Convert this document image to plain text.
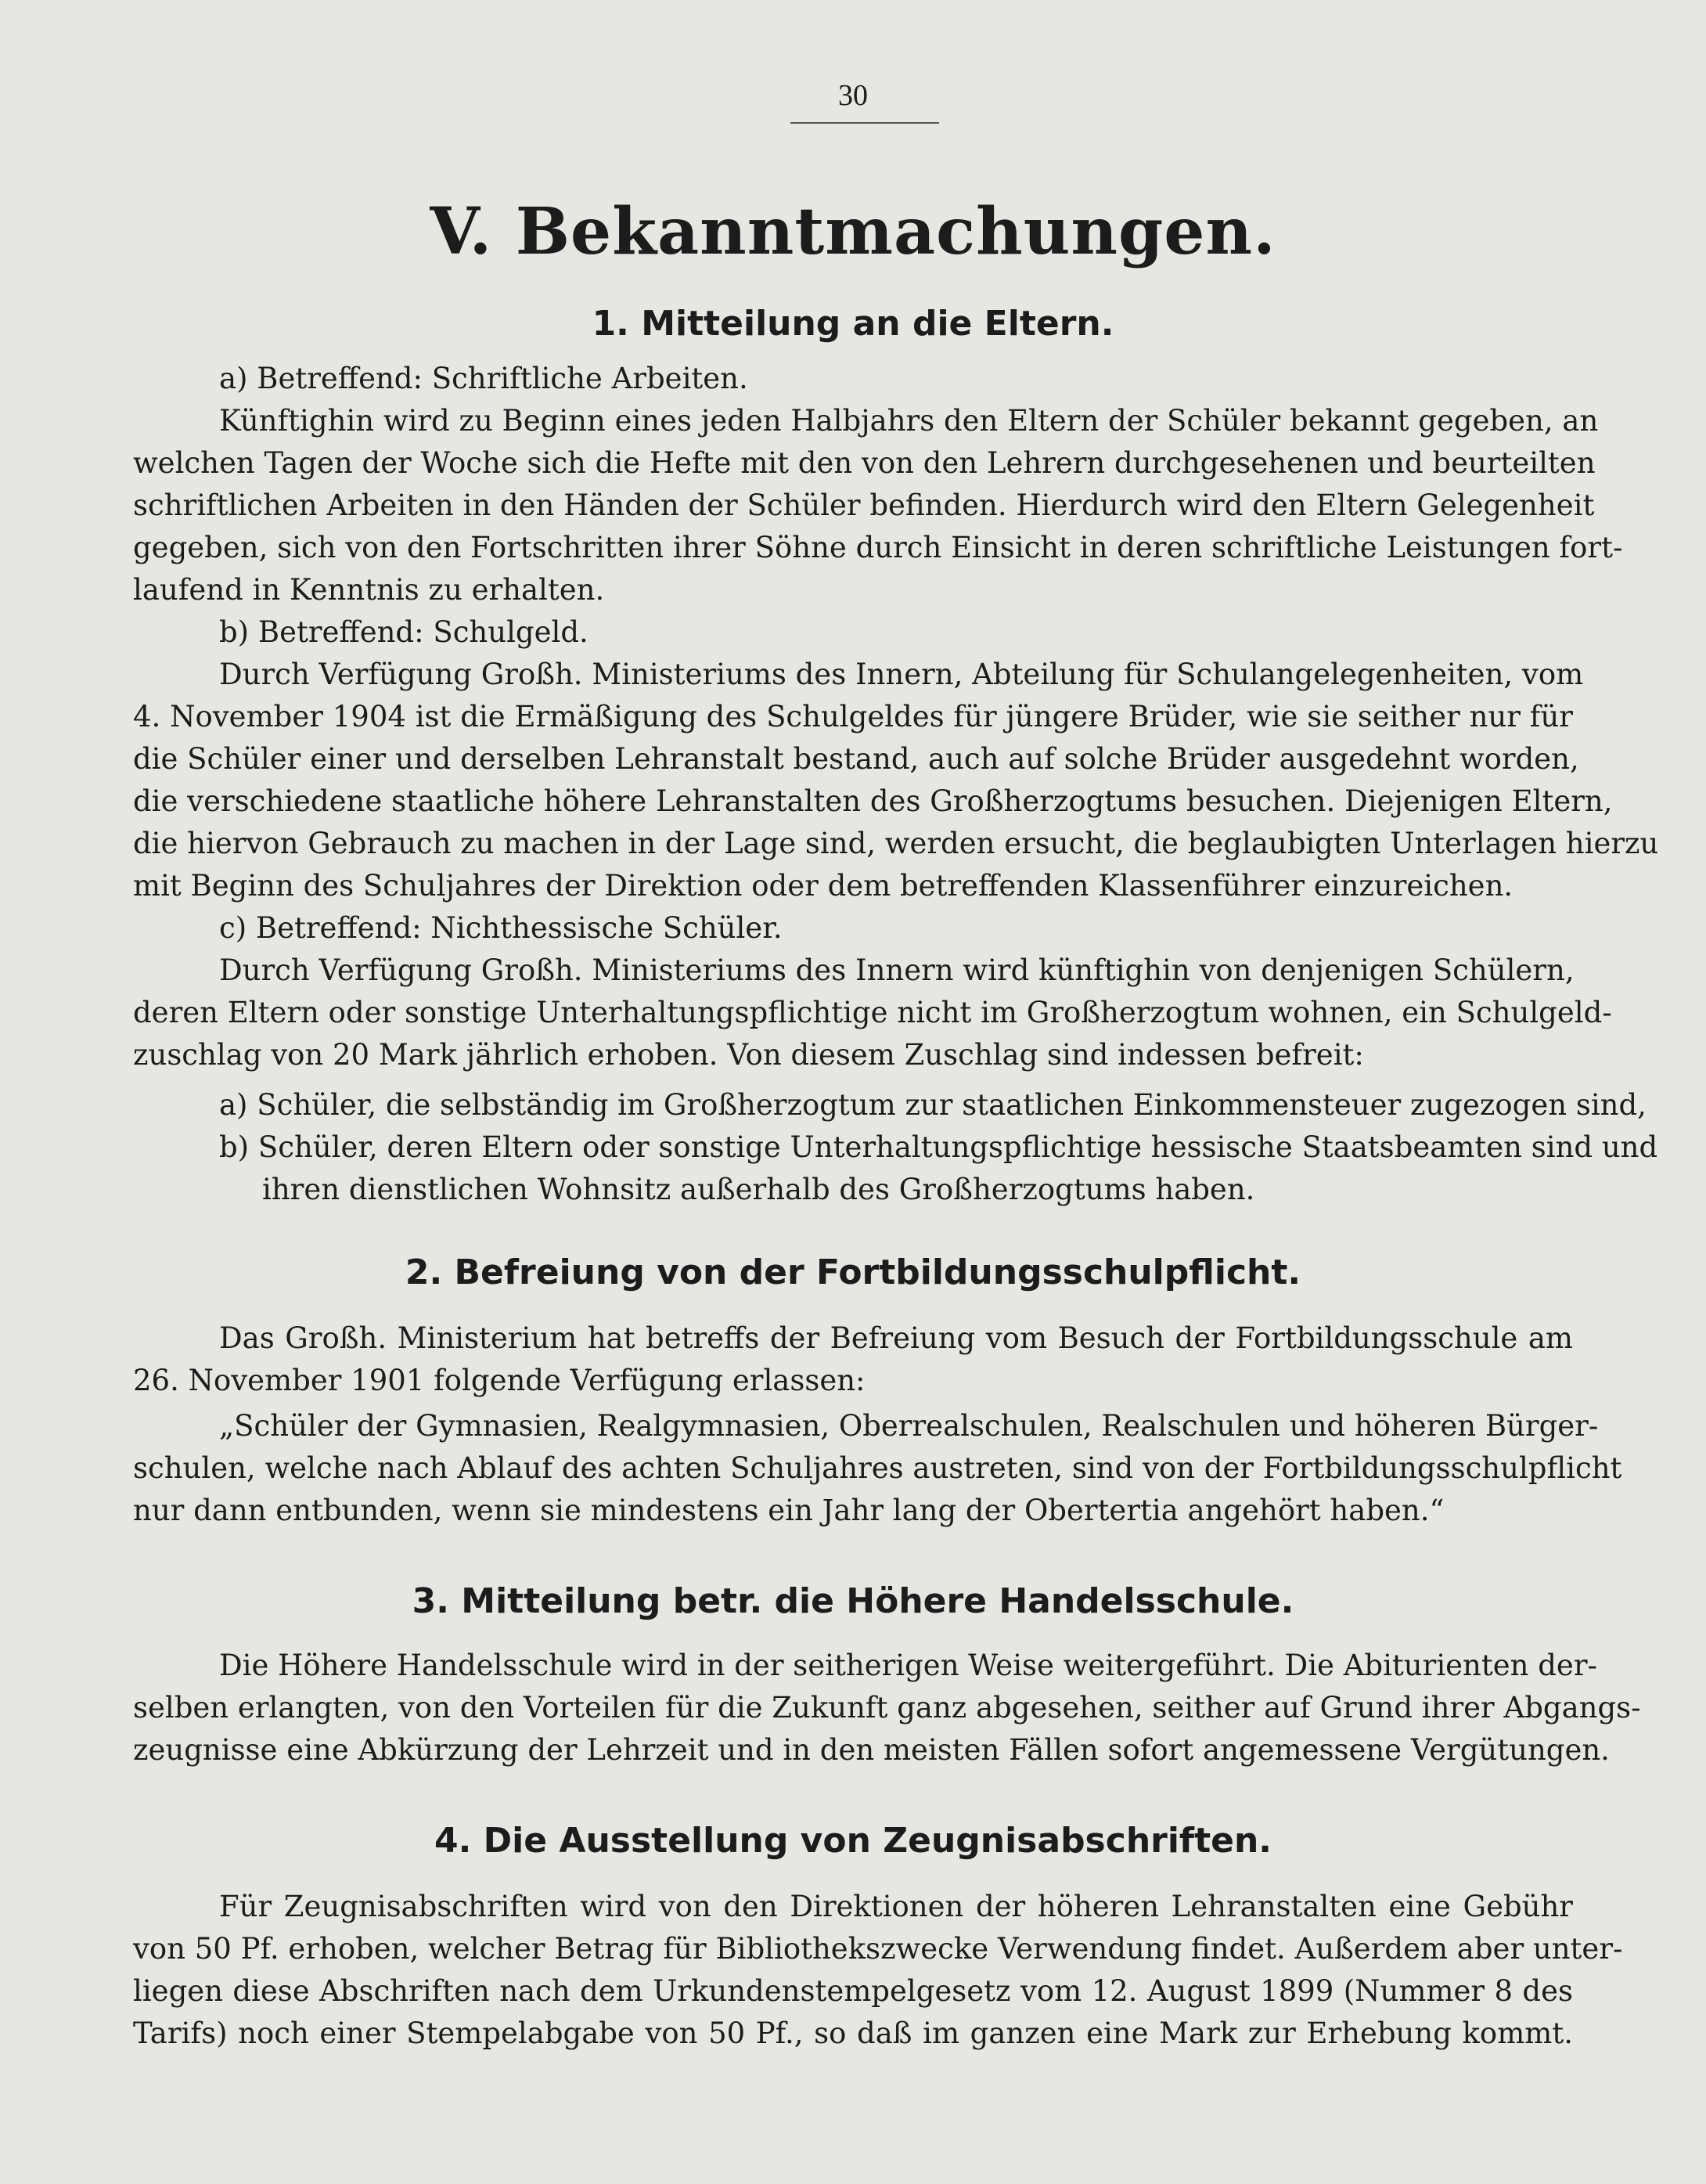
30
V. Bekanntmachungen.
1. Mitteilung an die Eltern.
a) Betreffend: Schriftliche Arbeiten.
Künftighin wird zu Beginn eines jeden Halbjahrs den Eltern der Schüler bekannt gegeben, an
welchen Tagen der Woche sich die Hefte mit den von den Lehrern durchgesehenen und beurteilten
schriftlichen Arbeiten in den Händen der Schüler befinden. Hierdurch wird den Eltern Gelegenheit
gegeben, sich von den Fortschritten ihrer Söhne durch Einsicht in deren schriftliche Leistungen fort-
laufend in Kenntnis zu erhalten.
b) Betreffend: Schulgeld.
Durch Verfügung Großh. Ministeriums des Innern, Abteilung für Schulangelegenheiten, vom
4. November 1904 ist die Ermäßigung des Schulgeldes für jüngere Brüder, wie sie seither nur für
die Schüler einer und derselben Lehranstalt bestand, auch auf solche Brüder ausgedehnt worden,
die verschiedene staatliche höhere Lehranstalten des Großherzogtums besuchen. Diejenigen Eltern,
die hiervon Gebrauch zu machen in der Lage sind, werden ersucht, die beglaubigten Unterlagen hierzu
mit Beginn des Schuljahres der Direktion oder dem betreffenden Klassenführer einzureichen.
c) Betreffend: Nichthessische Schüler.
Durch Verfügung Großh. Ministeriums des Innern wird künftighin von denjenigen Schülern,
deren Eltern oder sonstige Unterhaltungspflichtige nicht im Großherzogtum wohnen, ein Schulgeld-
zuschlag von 20 Mark jährlich erhoben. Von diesem Zuschlag sind indessen befreit:
a) Schüler, die selbständig im Großherzogtum zur staatlichen Einkommensteuer zugezogen sind,
b) Schüler, deren Eltern oder sonstige Unterhaltungspflichtige hessische Staatsbeamten sind und
ihren dienstlichen Wohnsitz außerhalb des Großherzogtums haben.
2. Befreiung von der Fortbildungsschulpflicht.
Das Großh. Ministerium hat betreffs der Befreiung vom Besuch der Fortbildungsschule am
26. November 1901 folgende Verfügung erlassen:
„Schüler der Gymnasien, Realgymnasien, Oberrealschulen, Realschulen und höheren Bürger-
schulen, welche nach Ablauf des achten Schuljahres austreten, sind von der Fortbildungsschulpflicht
nur dann entbunden, wenn sie mindestens ein Jahr lang der Obertertia angehört haben.“
3. Mitteilung betr. die Höhere Handelsschule.
Die Höhere Handelsschule wird in der seitherigen Weise weitergeführt. Die Abiturienten der-
selben erlangten, von den Vorteilen für die Zukunft ganz abgesehen, seither auf Grund ihrer Abgangs-
zeugnisse eine Abkürzung der Lehrzeit und in den meisten Fällen sofort angemessene Vergütungen.
4. Die Ausstellung von Zeugnisabschriften.
Für Zeugnisabschriften wird von den Direktionen der höheren Lehranstalten eine Gebühr
von 50 Pf. erhoben, welcher Betrag für Bibliothekszwecke Verwendung findet. Außerdem aber unter-
liegen diese Abschriften nach dem Urkundenstempelgesetz vom 12. August 1899 (Nummer 8 des
Tarifs) noch einer Stempelabgabe von 50 Pf., so daß im ganzen eine Mark zur Erhebung kommt.
